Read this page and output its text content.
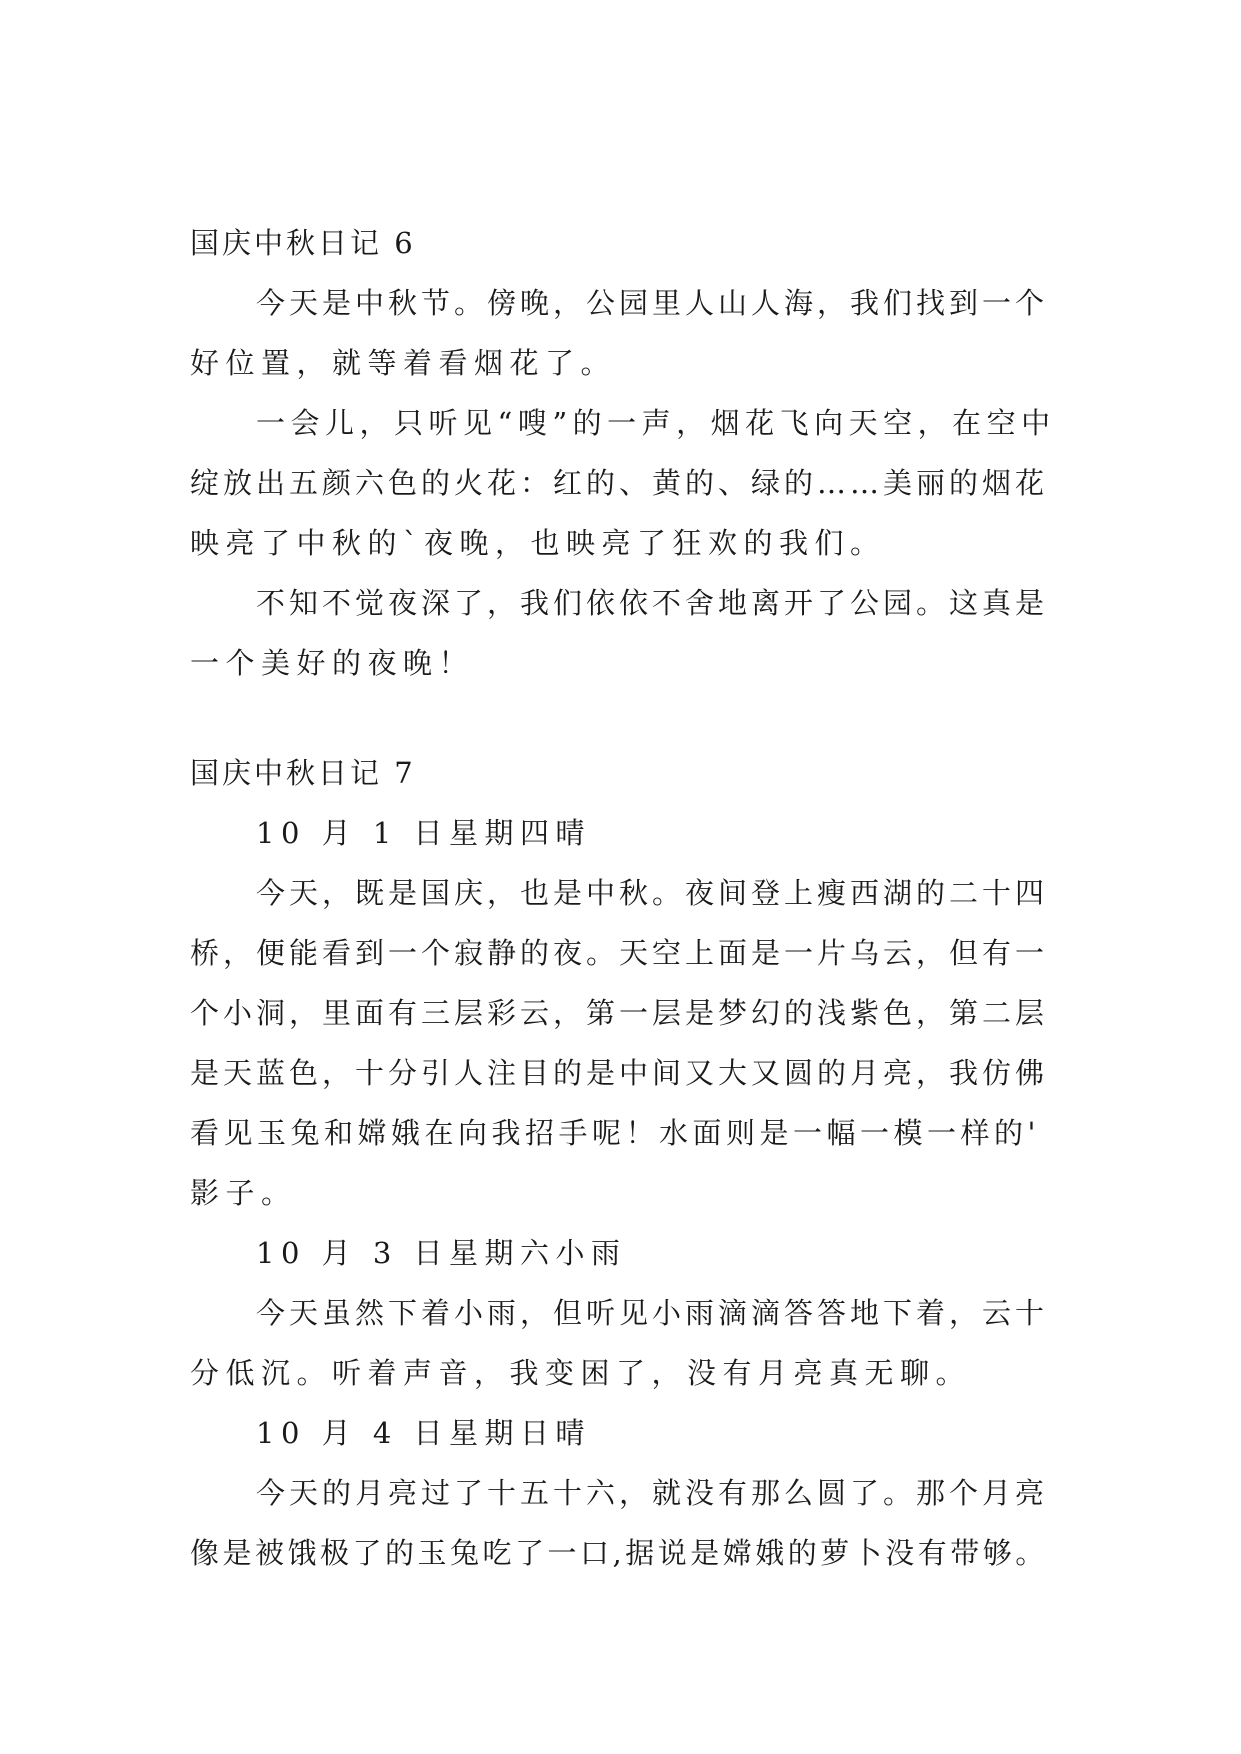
国庆中秋日记 6

今天是中秋节。傍晚，公园里人山人海，我们找到一个

好位置，就等着看烟花了。

一会儿，只听见“嗖”的一声，烟花飞向天空，在空中

绽放出五颜六色的火花：红的、黄的、绿的……美丽的烟花

映亮了中秋的`夜晚，也映亮了狂欢的我们。

不知不觉夜深了，我们依依不舍地离开了公园。这真是

一个美好的夜晚！

国庆中秋日记 7

10 月 1 日星期四晴

今天，既是国庆，也是中秋。夜间登上瘦西湖的二十四

桥，便能看到一个寂静的夜。天空上面是一片乌云，但有一

个小洞，里面有三层彩云，第一层是梦幻的浅紫色，第二层

是天蓝色，十分引人注目的是中间又大又圆的月亮，我仿佛

看见玉兔和嫦娥在向我招手呢！水面则是一幅一模一样的'

影子。

10 月 3 日星期六小雨

今天虽然下着小雨，但听见小雨滴滴答答地下着，云十

分低沉。听着声音，我变困了，没有月亮真无聊。

10 月 4 日星期日晴

今天的月亮过了十五十六，就没有那么圆了。那个月亮

像是被饿极了的玉兔吃了一口,据说是嫦娥的萝卜没有带够。
